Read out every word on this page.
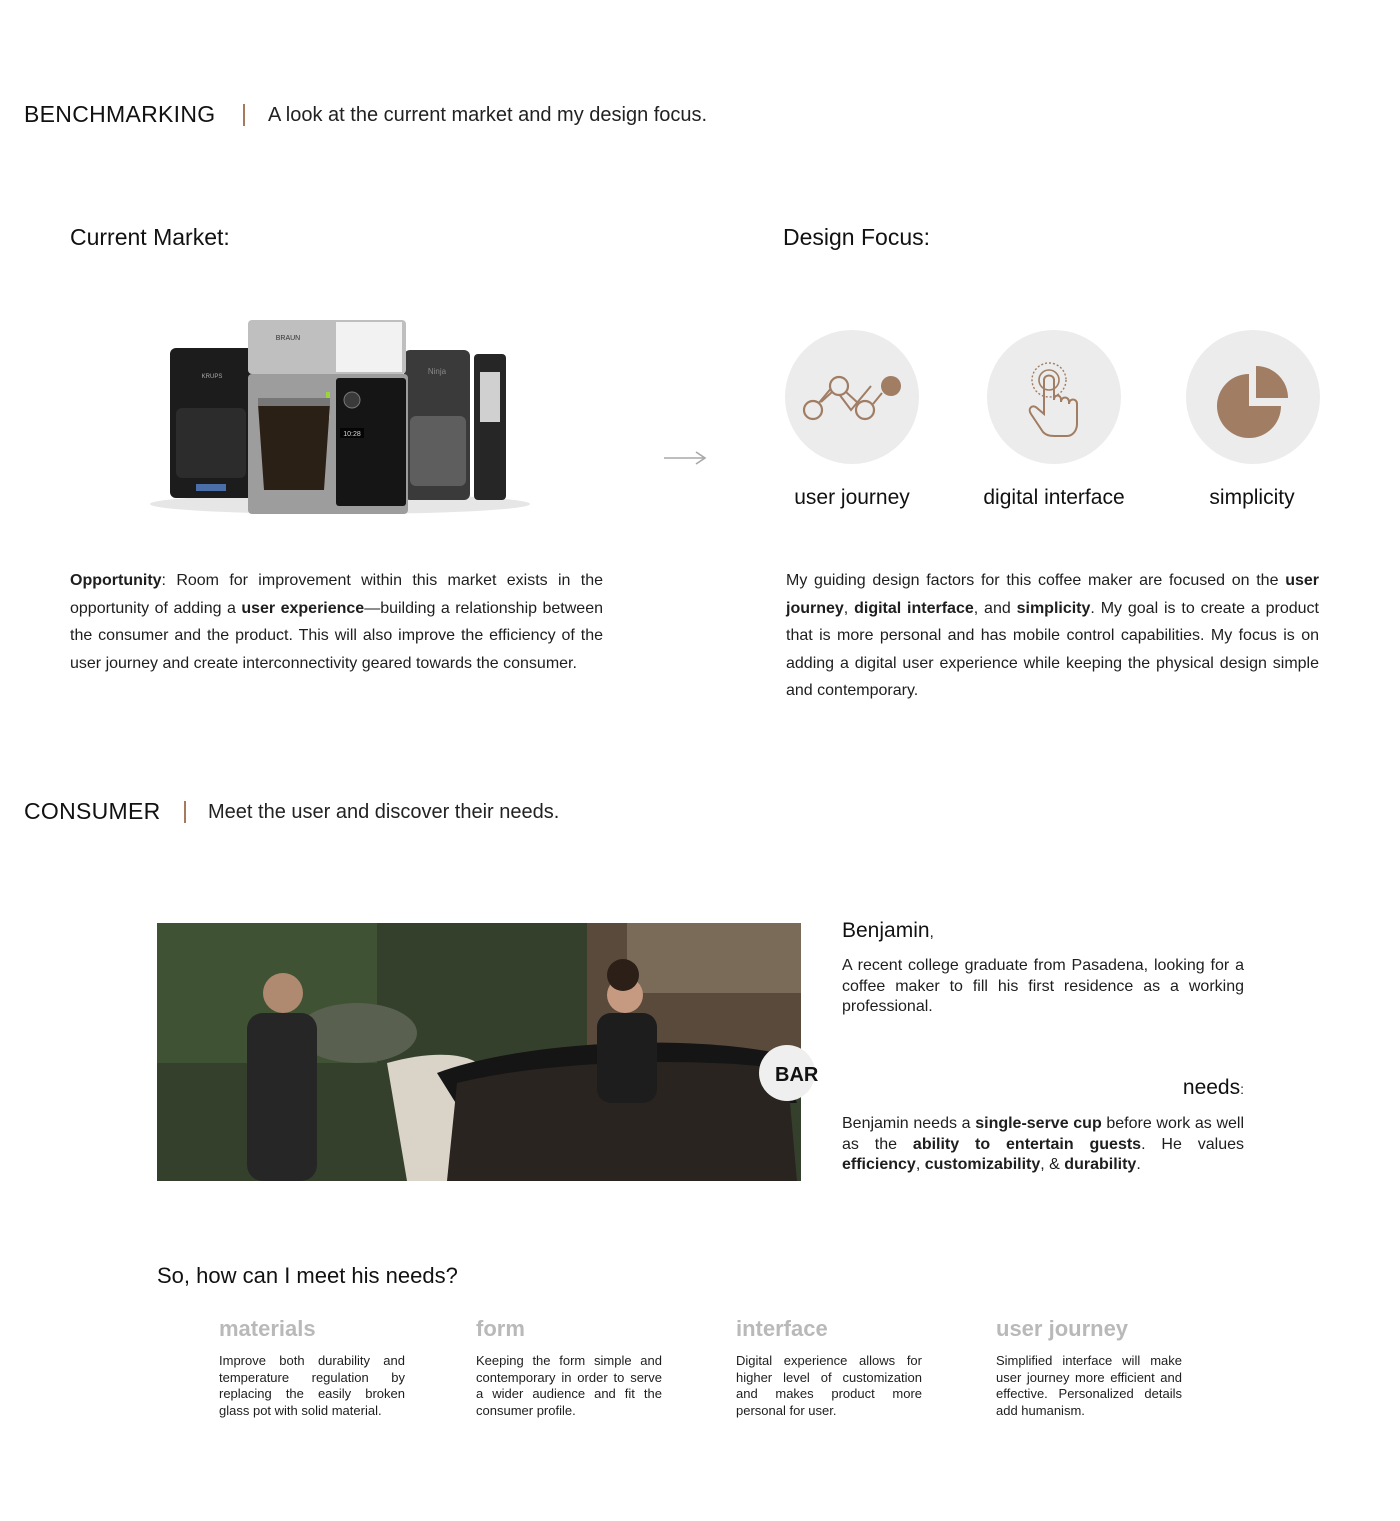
BENCHMARKING	A look at the current market and my design focus.
Current Market:
KRUPS
Ninja
10:28
BRAUN
Opportunity: Room for improvement within this market exists in the opportunity of adding a user experience—building a relationship between the consumer and the product. This will also improve the efficiency of the user journey and create interconnectivity geared towards the consumer.
Design Focus:
user journey	digital interface	simplicity
My guiding design factors for this coffee maker are focused on the user journey, digital interface, and simplicity. My goal is to create a product that is more personal and has mobile control capabilities. My focus is on adding a digital user experience while keeping the physical design simple and contemporary.
CONSUMER Meet the user and discover their needs.
BAR
Benjamin,
A recent college graduate from Pasadena, looking for a coffee maker to fill his first residence as a working professional.
needs:
Benjamin needs a single-serve cup before work as well as the ability to entertain guests. He values efficiency, customizability, & durability.
So, how can I meet his needs?
materials
Improve both durability and temperature regulation by replacing the easily broken glass pot with solid material.
form
Keeping the form simple and contemporary in order to serve a wider audience and fit the consumer profile.
interface
Digital experience allows for higher level of customization and makes product more personal for user.
user journey
Simplified interface will make user journey more efficient and effective. Personalized details add humanism.
